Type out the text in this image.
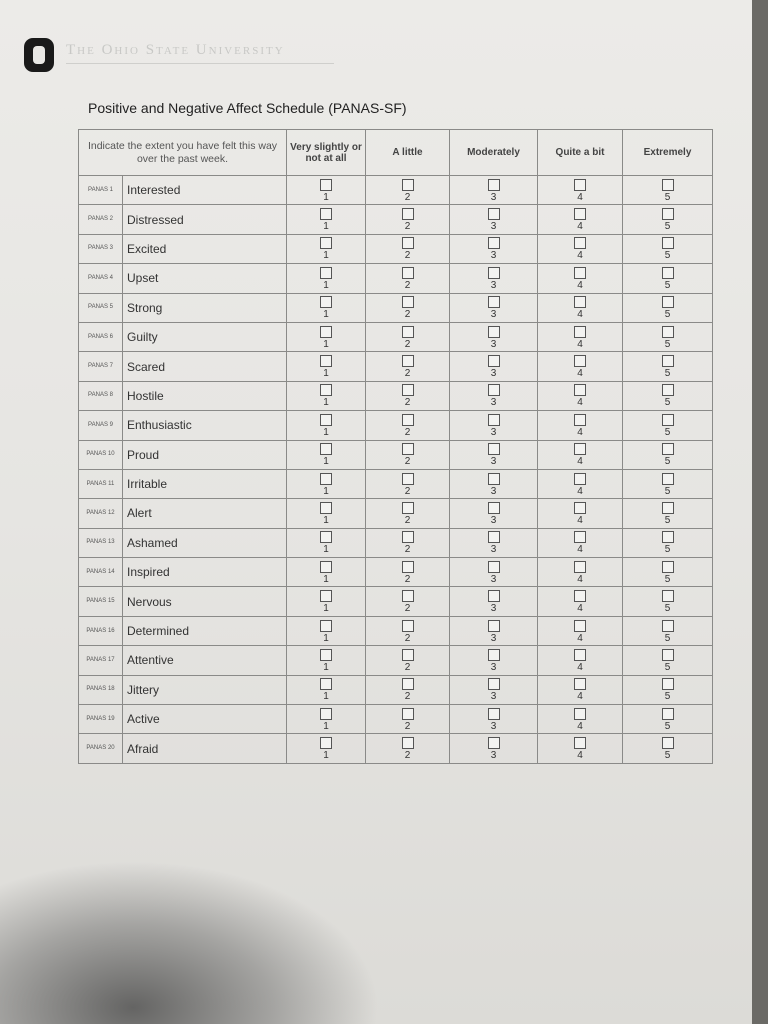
The Ohio State University
Positive and Negative Affect Schedule (PANAS-SF)
Indicate the extent you have felt this way over the past week.		Very slightly or not at all	A little	Moderately	Quite a bit	Extremely
PANAS 1	Interested	1	2	3	4	5

PANAS 2	Distressed	1	2	3	4	5

PANAS 3	Excited	1	2	3	4	5

PANAS 4	Upset	1	2	3	4	5

PANAS 5	Strong	1	2	3	4	5

PANAS 6	Guilty	1	2	3	4	5

PANAS 7	Scared	1	2	3	4	5

PANAS 8	Hostile	1	2	3	4	5

PANAS 9	Enthusiastic	1	2	3	4	5

PANAS 10	Proud	1	2	3	4	5

PANAS 11	Irritable	1	2	3	4	5

PANAS 12	Alert	1	2	3	4	5

PANAS 13	Ashamed	1	2	3	4	5

PANAS 14	Inspired	1	2	3	4	5

PANAS 15	Nervous	1	2	3	4	5

PANAS 16	Determined	1	2	3	4	5

PANAS 17	Attentive	1	2	3	4	5

PANAS 18	Jittery	1	2	3	4	5

PANAS 19	Active	1	2	3	4	5

PANAS 20	Afraid	1	2	3	4	5
